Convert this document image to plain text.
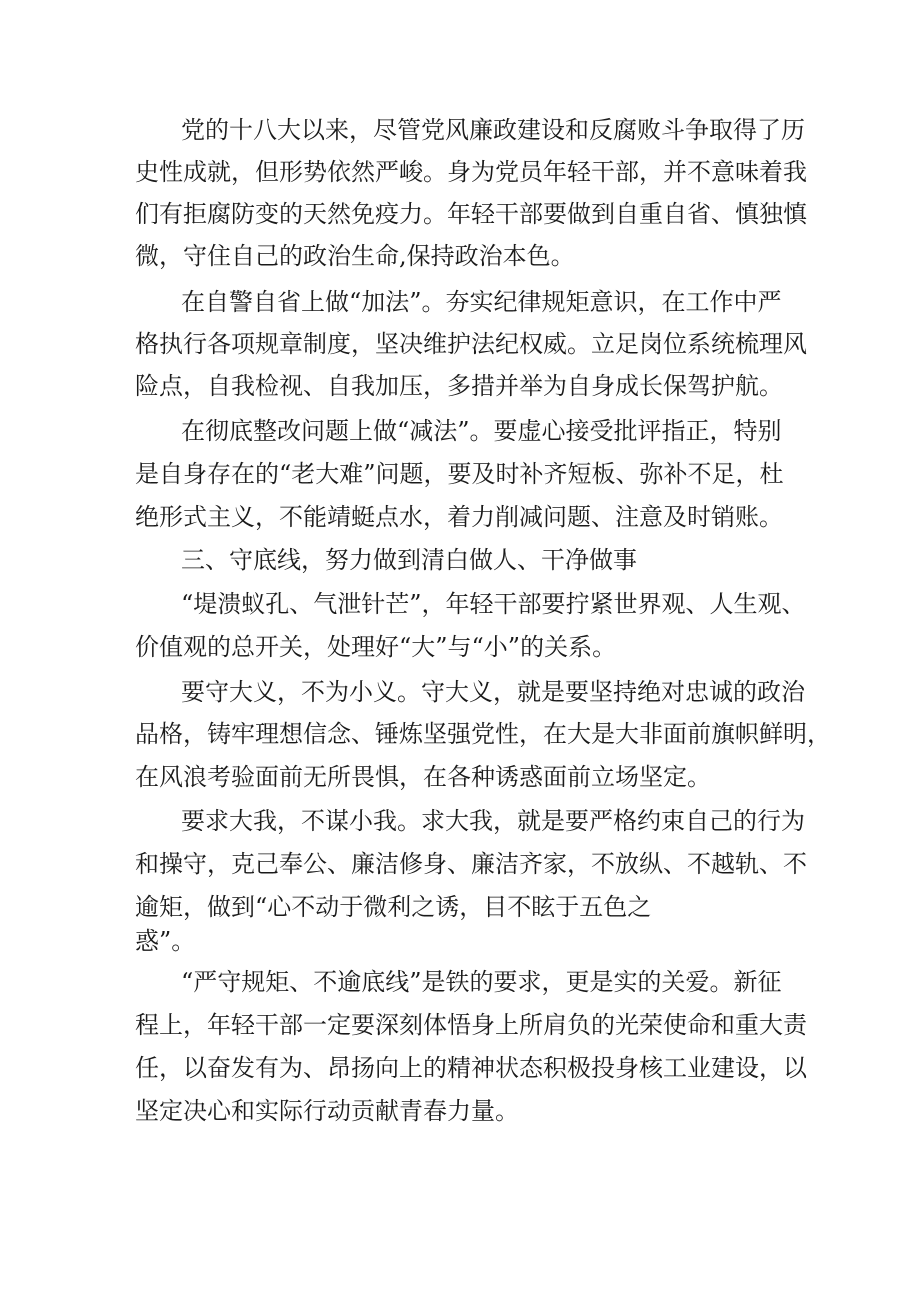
党的十八大以来，尽管党风廉政建设和反腐败斗争取得了历
史性成就，但形势依然严峻。身为党员年轻干部，并不意味着我
们有拒腐防变的天然免疫力。年轻干部要做到自重自省、慎独慎
微，守住自己的政治生命,保持政治本色。
在自警自省上做“加法”。夯实纪律规矩意识，在工作中严
格执行各项规章制度，坚决维护法纪权威。立足岗位系统梳理风
险点，自我检视、自我加压，多措并举为自身成长保驾护航。
在彻底整改问题上做“减法”。要虚心接受批评指正，特别
是自身存在的“老大难”问题，要及时补齐短板、弥补不足，杜
绝形式主义，不能靖蜓点水，着力削减问题、注意及时销账。
三、守底线，努力做到清白做人、干净做事
“堤溃蚁孔、气泄针芒”，年轻干部要拧紧世界观、人生观、
价值观的总开关，处理好“大”与“小”的关系。
要守大义，不为小义。守大义，就是要坚持绝对忠诚的政治
品格，铸牢理想信念、锤炼坚强党性，在大是大非面前旗帜鲜明，
在风浪考验面前无所畏惧，在各种诱惑面前立场坚定。
要求大我，不谋小我。求大我，就是要严格约束自己的行为
和操守，克己奉公、廉洁修身、廉洁齐家，不放纵、不越轨、不
逾矩，做到“心不动于微利之诱，目不眩于五色之
惑”。
“严守规矩、不逾底线”是铁的要求，更是实的关爱。新征
程上，年轻干部一定要深刻体悟身上所肩负的光荣使命和重大责
任，以奋发有为、昂扬向上的精神状态积极投身核工业建设，以
坚定决心和实际行动贡献青春力量。
